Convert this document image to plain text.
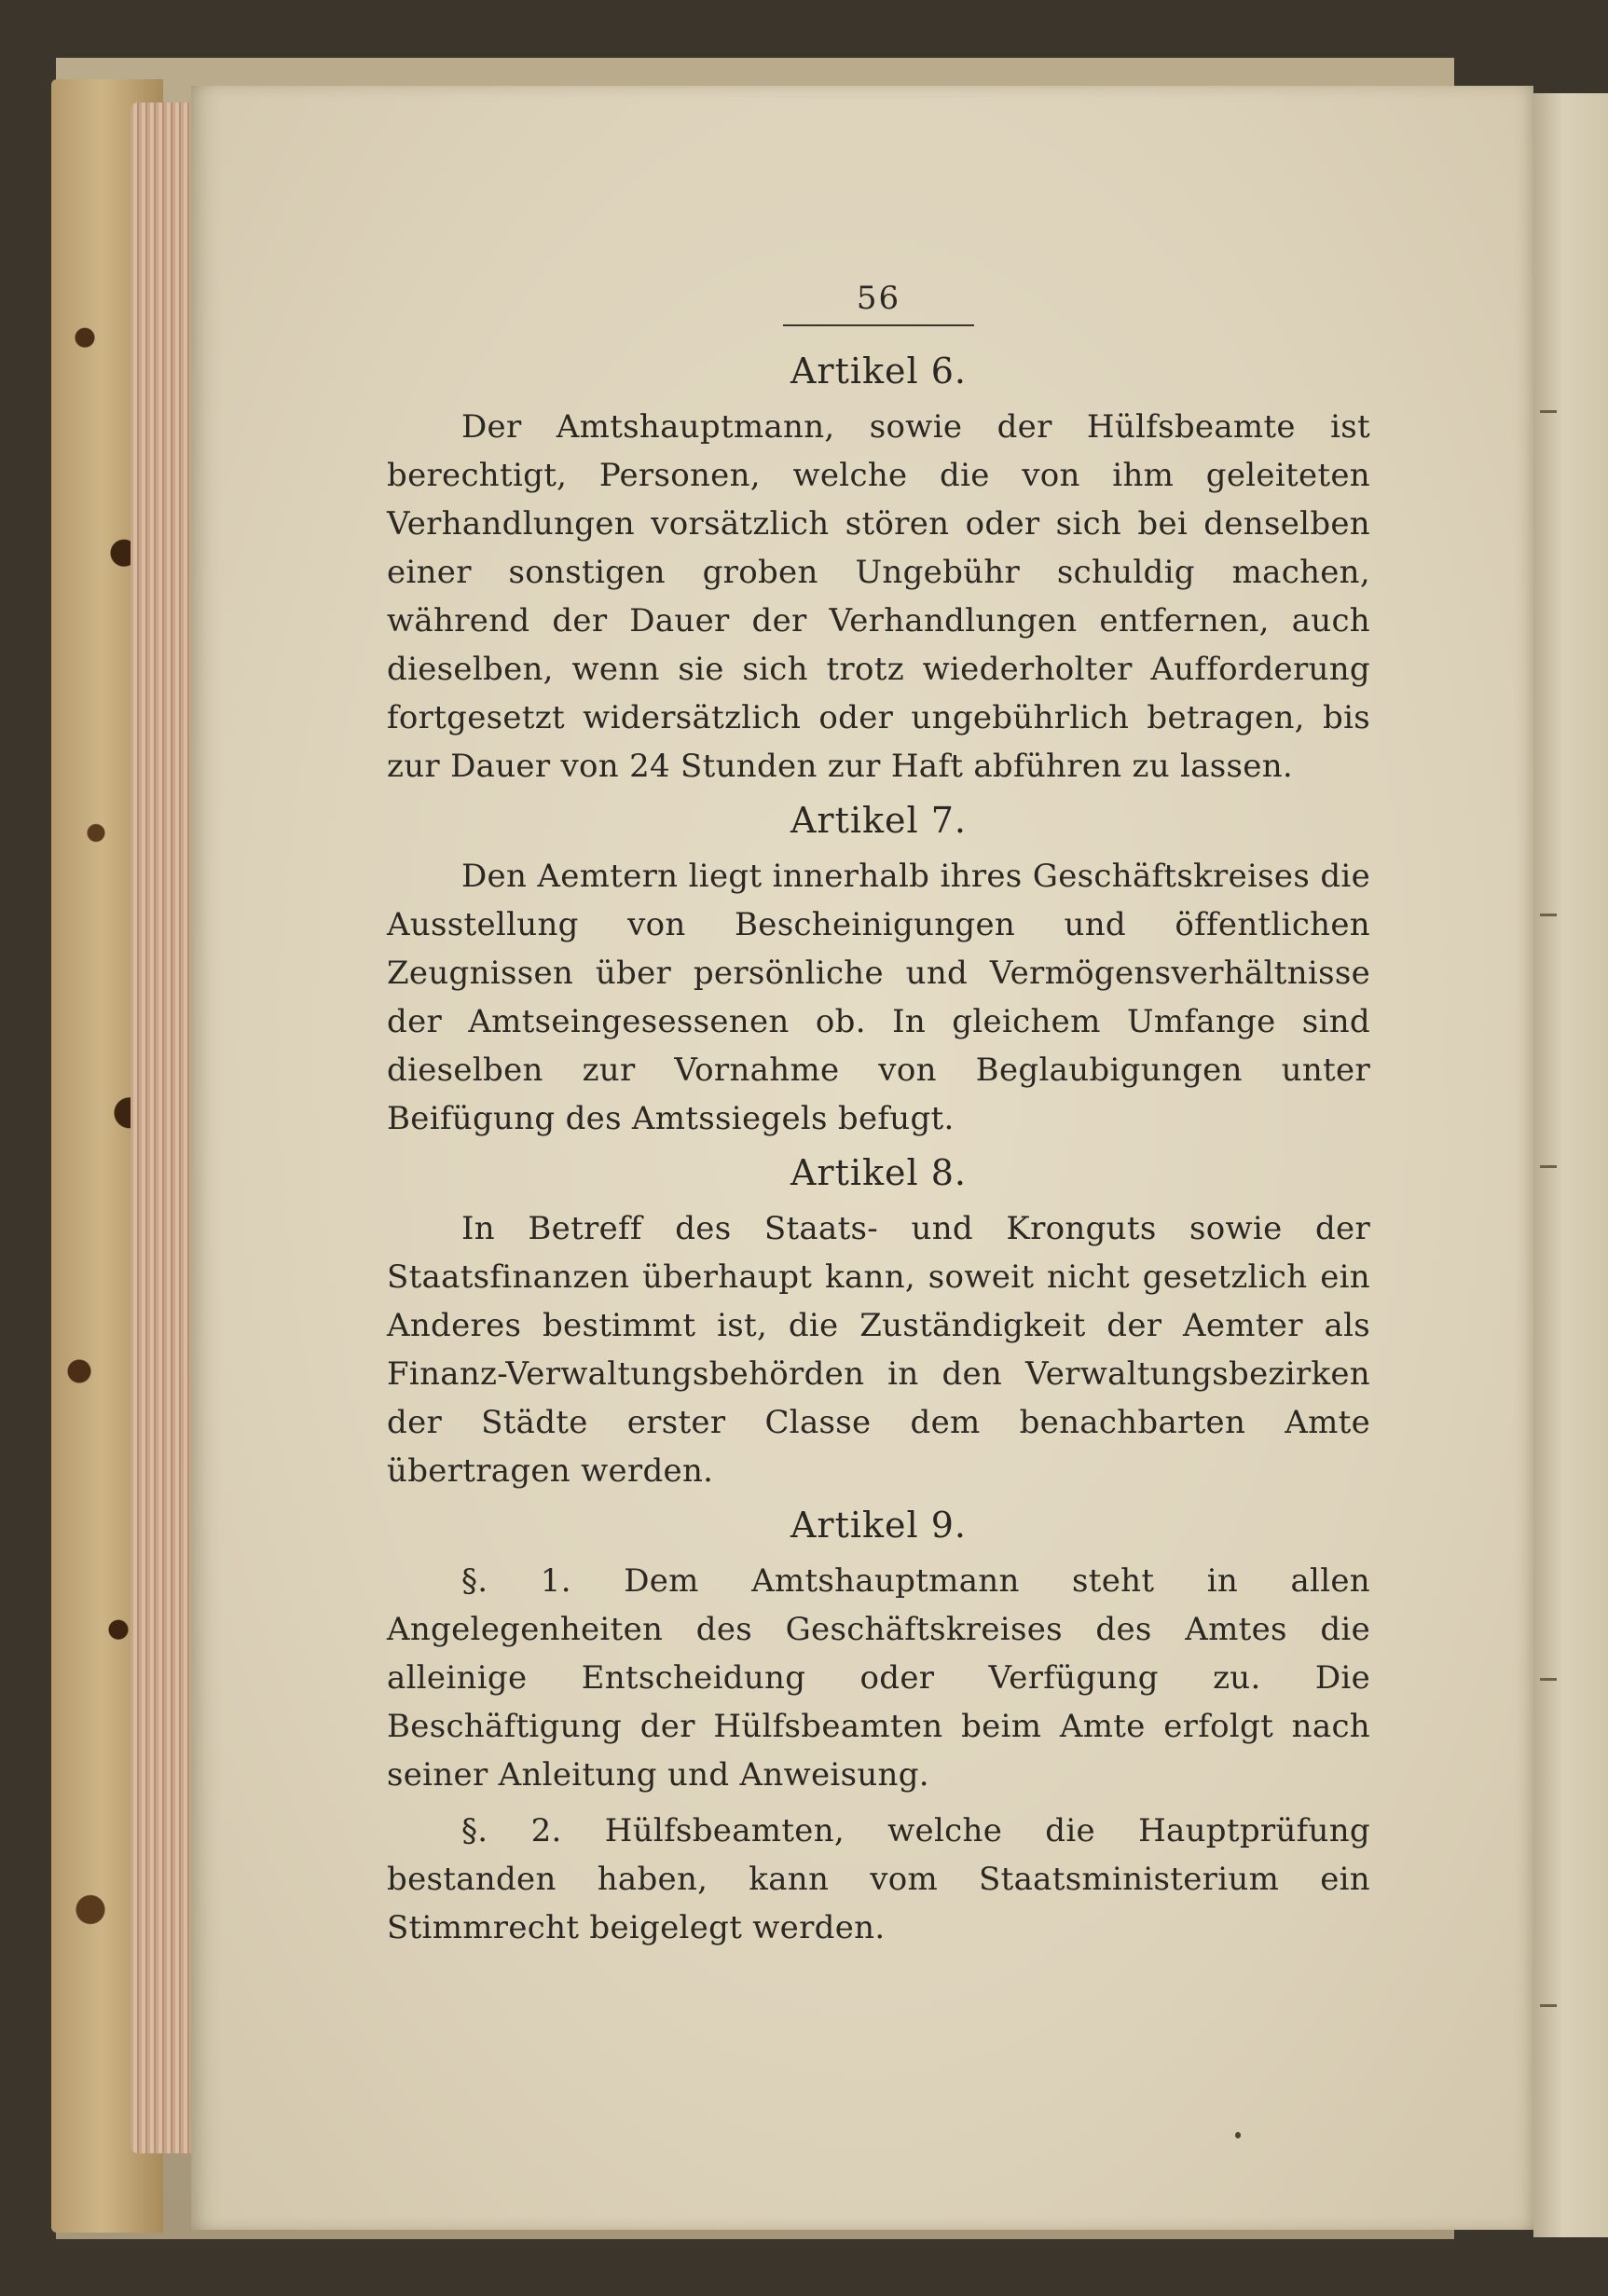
56
Artikel 6.

Der Amtshauptmann, sowie der Hülfsbeamte ist berechtigt, Personen, welche die von ihm geleiteten Verhandlungen vorsätzlich stören oder sich bei denselben einer sonstigen groben Ungebühr schuldig machen, während der Dauer der Verhandlungen entfernen, auch dieselben, wenn sie sich trotz wiederholter Aufforderung fortgesetzt widersätzlich oder ungebührlich betragen, bis zur Dauer von 24 Stunden zur Haft abführen zu lassen.

Artikel 7.

Den Aemtern liegt innerhalb ihres Geschäftskreises die Ausstellung von Bescheinigungen und öffentlichen Zeugnissen über persönliche und Vermögensverhältnisse der Amtseingesessenen ob. In gleichem Umfange sind dieselben zur Vornahme von Beglaubigungen unter Beifügung des Amtssiegels befugt.

Artikel 8.

In Betreff des Staats- und Kronguts sowie der Staatsfinanzen überhaupt kann, soweit nicht gesetzlich ein Anderes bestimmt ist, die Zuständigkeit der Aemter als Finanz-Verwaltungsbehörden in den Verwaltungsbezirken der Städte erster Classe dem benachbarten Amte übertragen werden.

Artikel 9.

§. 1. Dem Amtshauptmann steht in allen Angelegenheiten des Geschäftskreises des Amtes die alleinige Entscheidung oder Verfügung zu. Die Beschäftigung der Hülfsbeamten beim Amte erfolgt nach seiner Anleitung und Anweisung.

§. 2. Hülfsbeamten, welche die Hauptprüfung bestanden haben, kann vom Staatsministerium ein Stimmrecht beigelegt werden.
